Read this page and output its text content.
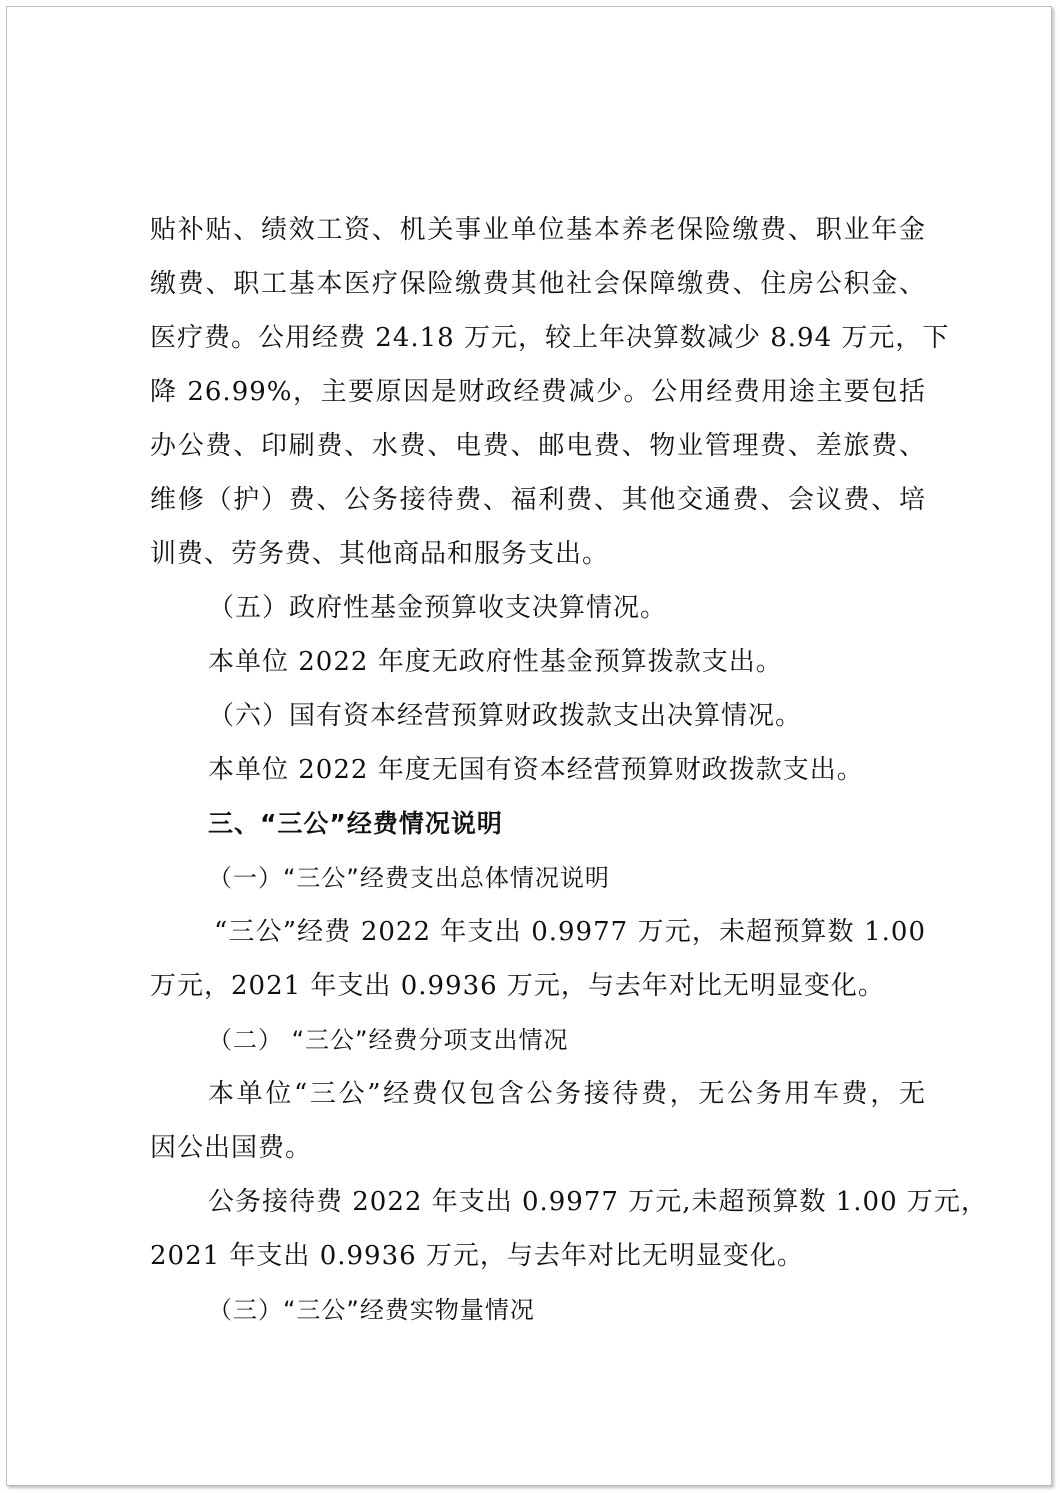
贴补贴、绩效工资、机关事业单位基本养老保险缴费、职业年金
缴费、职工基本医疗保险缴费其他社会保障缴费、住房公积金、
医疗费。公用经费 24.18 万元，较上年决算数减少 8.94 万元，下
降 26.99%，主要原因是财政经费减少。公用经费用途主要包括
办公费、印刷费、水费、电费、邮电费、物业管理费、差旅费、
维修（护）费、公务接待费、福利费、其他交通费、会议费、培
训费、劳务费、其他商品和服务支出。
（五）政府性基金预算收支决算情况。
本单位 2022 年度无政府性基金预算拨款支出。
（六）国有资本经营预算财政拨款支出决算情况。
本单位 2022 年度无国有资本经营预算财政拨款支出。
三、“三公”经费情况说明
（一）“三公”经费支出总体情况说明
“三公”经费 2022 年支出 0.9977 万元，未超预算数 1.00
万元，2021 年支出 0.9936 万元，与去年对比无明显变化。
（二） “三公”经费分项支出情况
本单位“三公”经费仅包含公务接待费，无公务用车费，无
因公出国费。
公务接待费 2022 年支出 0.9977 万元,未超预算数 1.00 万元，
2021 年支出 0.9936 万元，与去年对比无明显变化。
（三）“三公”经费实物量情况
